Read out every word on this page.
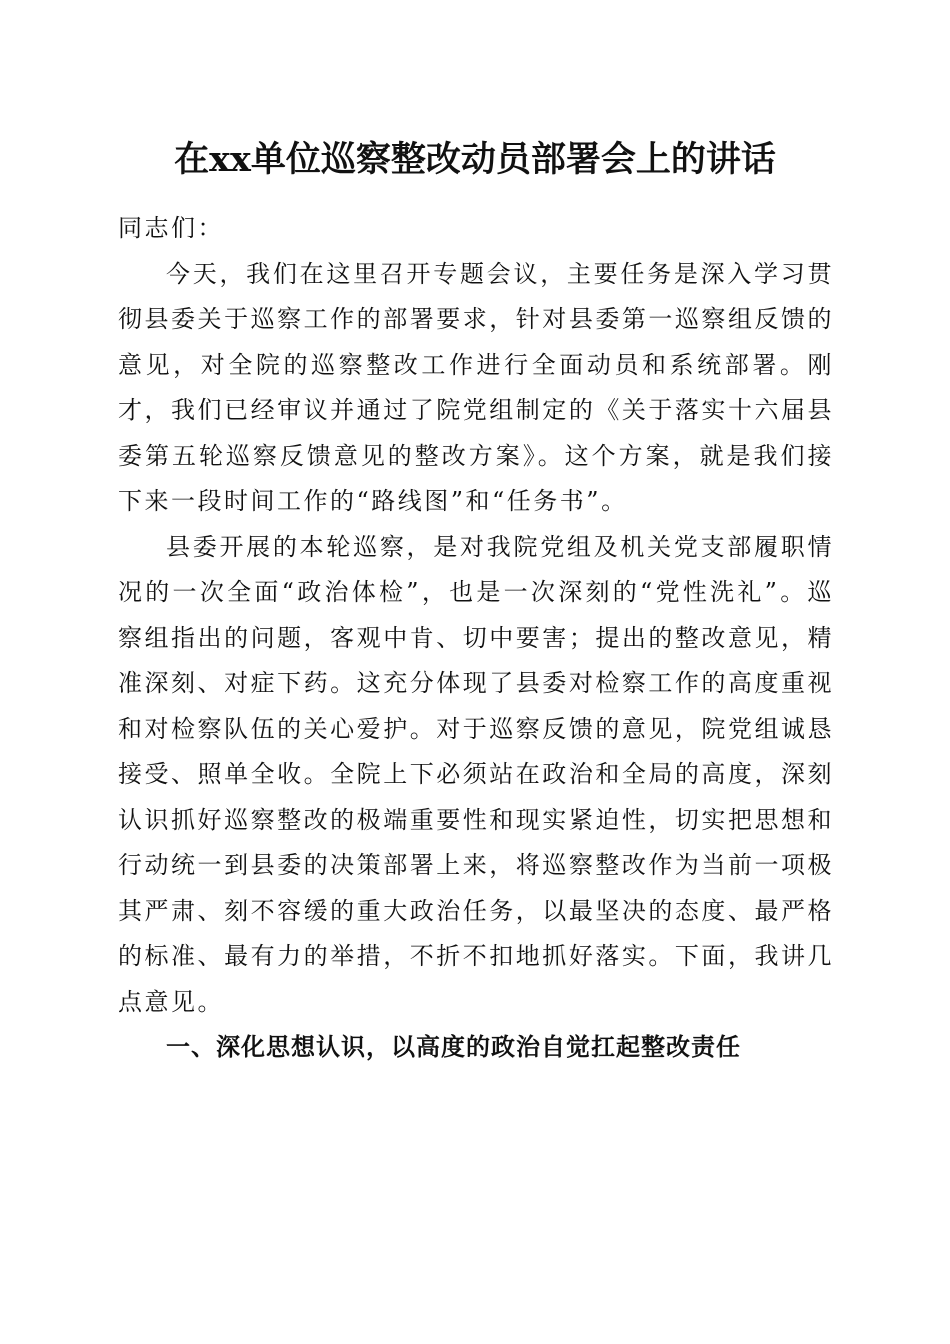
在xx单位巡察整改动员部署会上的讲话

同志们：

今天，我们在这里召开专题会议，主要任务是深入学习贯彻县委关于巡察工作的部署要求，针对县委第一巡察组反馈的意见，对全院的巡察整改工作进行全面动员和系统部署。刚才，我们已经审议并通过了院党组制定的《关于落实十六届县委第五轮巡察反馈意见的整改方案》。这个方案，就是我们接下来一段时间工作的“路线图”和“任务书”。

县委开展的本轮巡察，是对我院党组及机关党支部履职情况的一次全面“政治体检”，也是一次深刻的“党性洗礼”。巡察组指出的问题，客观中肯、切中要害；提出的整改意见，精准深刻、对症下药。这充分体现了县委对检察工作的高度重视和对检察队伍的关心爱护。对于巡察反馈的意见，院党组诚恳接受、照单全收。全院上下必须站在政治和全局的高度，深刻认识抓好巡察整改的极端重要性和现实紧迫性，切实把思想和行动统一到县委的决策部署上来，将巡察整改作为当前一项极其严肃、刻不容缓的重大政治任务，以最坚决的态度、最严格的标准、最有力的举措，不折不扣地抓好落实。下面，我讲几点意见。

一、深化思想认识，以高度的政治自觉扛起整改责任
